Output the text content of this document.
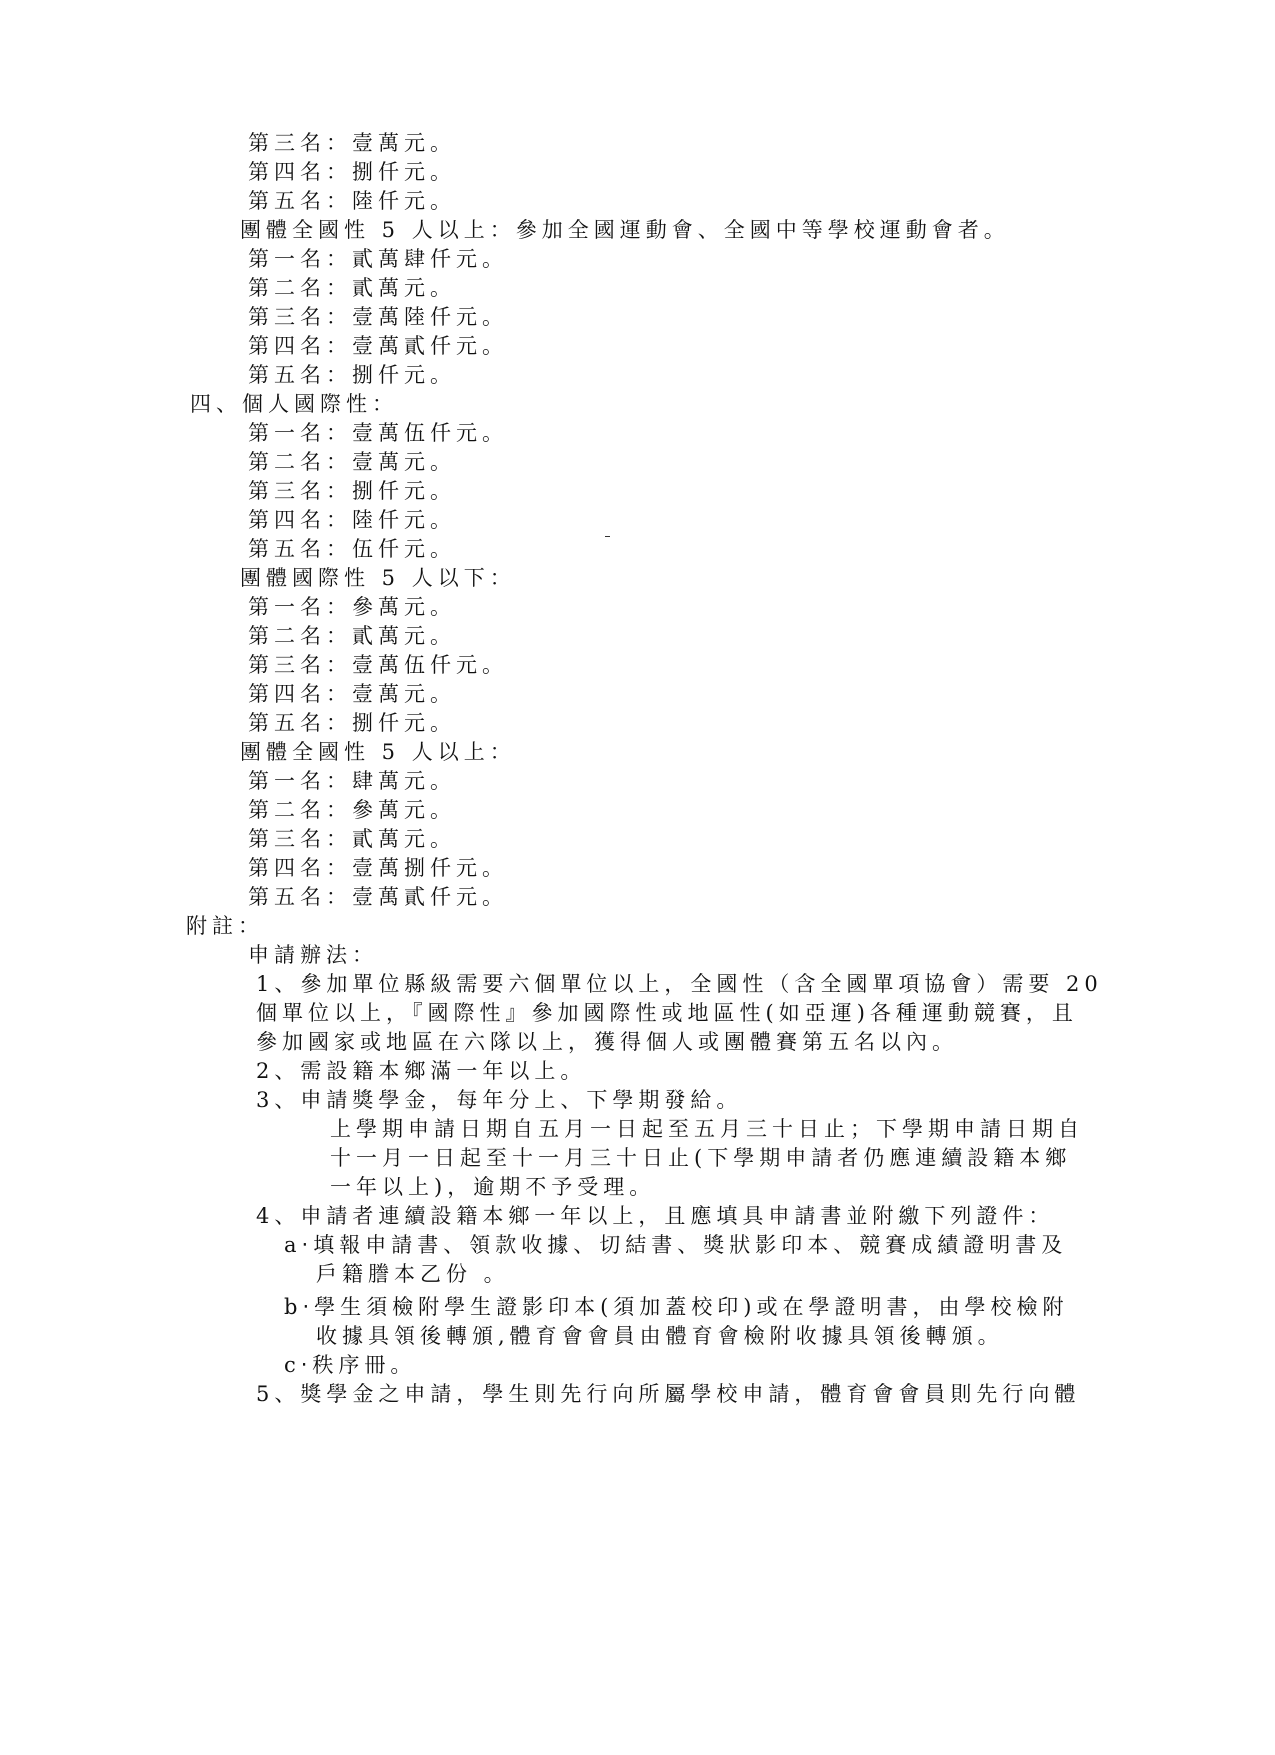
第三名：壹萬元。
第四名：捌仟元。
第五名：陸仟元。
團體全國性 5 人以上：參加全國運動會、全國中等學校運動會者。
第一名：貳萬肆仟元。
第二名：貳萬元。
第三名：壹萬陸仟元。
第四名：壹萬貳仟元。
第五名：捌仟元。
四、個人國際性：
第一名：壹萬伍仟元。
第二名：壹萬元。
第三名：捌仟元。
第四名：陸仟元。
第五名：伍仟元。
團體國際性 5 人以下：
第一名：參萬元。
第二名：貳萬元。
第三名：壹萬伍仟元。
第四名：壹萬元。
第五名：捌仟元。
團體全國性 5 人以上：
第一名：肆萬元。
第二名：參萬元。
第三名：貳萬元。
第四名：壹萬捌仟元。
第五名：壹萬貳仟元。
附註：
申請辦法：
1、參加單位縣級需要六個單位以上，全國性（含全國單項協會）需要 20
個單位以上，『國際性』參加國際性或地區性(如亞運)各種運動競賽，且
參加國家或地區在六隊以上，獲得個人或團體賽第五名以內。
2、需設籍本鄉滿一年以上。
3、申請獎學金，每年分上、下學期發給。
上學期申請日期自五月一日起至五月三十日止；下學期申請日期自
十一月一日起至十一月三十日止(下學期申請者仍應連續設籍本鄉
一年以上)，逾期不予受理。
4、申請者連續設籍本鄉一年以上，且應填具申請書並附繳下列證件：
a‧填報申請書、領款收據、切結書、獎狀影印本、競賽成績證明書及
戶籍謄本乙份 。
b‧學生須檢附學生證影印本(須加蓋校印)或在學證明書，由學校檢附
收據具領後轉頒,體育會會員由體育會檢附收據具領後轉頒。
c‧秩序冊。
5、獎學金之申請，學生則先行向所屬學校申請，體育會會員則先行向體
